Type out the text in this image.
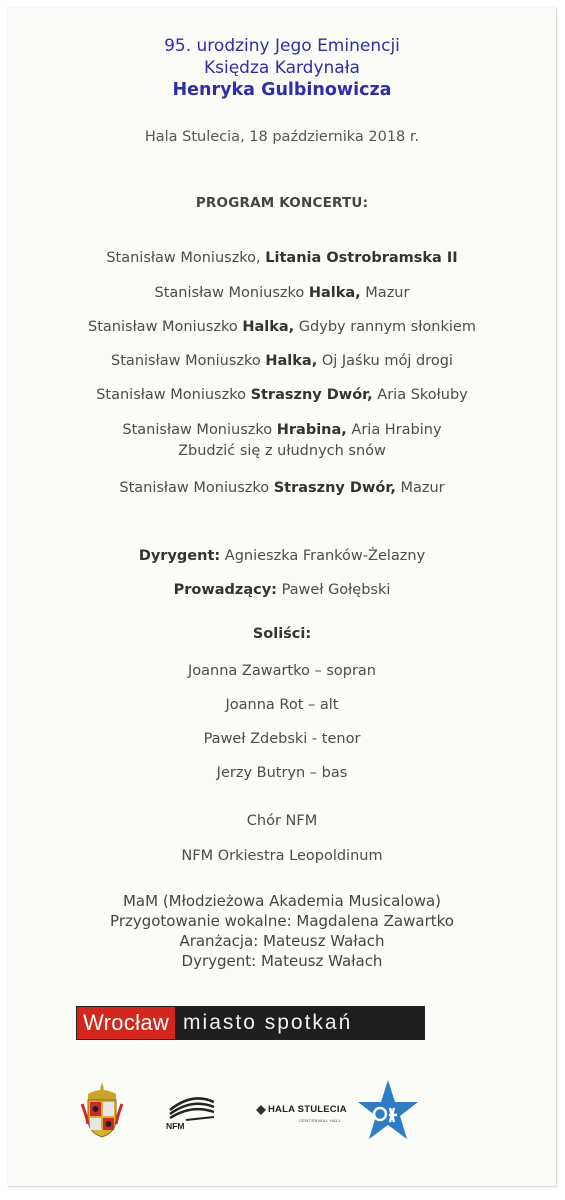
95. urodziny Jego Eminencji
Księdza Kardynała
Henryka Gulbinowicza
Hala Stulecia, 18 października 2018 r.
PROGRAM KONCERTU:
Stanisław Moniuszko, Litania Ostrobramska II
Stanisław Moniuszko Halka, Mazur
Stanisław Moniuszko Halka, Gdyby rannym słonkiem
Stanisław Moniuszko Halka, Oj Jaśku mój drogi
Stanisław Moniuszko Straszny Dwór, Aria Skołuby
Stanisław Moniuszko Hrabina, Aria Hrabiny
Zbudzić się z ułudnych snów
Stanisław Moniuszko Straszny Dwór, Mazur
Dyrygent: Agnieszka Franków-Żelazny
Prowadzący: Paweł Gołębski
Soliści:
Joanna Zawartko – sopran
Joanna Rot – alt
Paweł Zdebski - tenor
Jerzy Butryn – bas
Chór NFM
NFM Orkiestra Leopoldinum
MaM (Młodzieżowa Akademia Musicalowa)
Przygotowanie wokalne: Magdalena Zawartko
Aranżacja: Mateusz Wałach
Dyrygent: Mateusz Wałach
Wrocław miasto spotkań
NFM
HALA STULECIA
CENTENNIAL HALL
